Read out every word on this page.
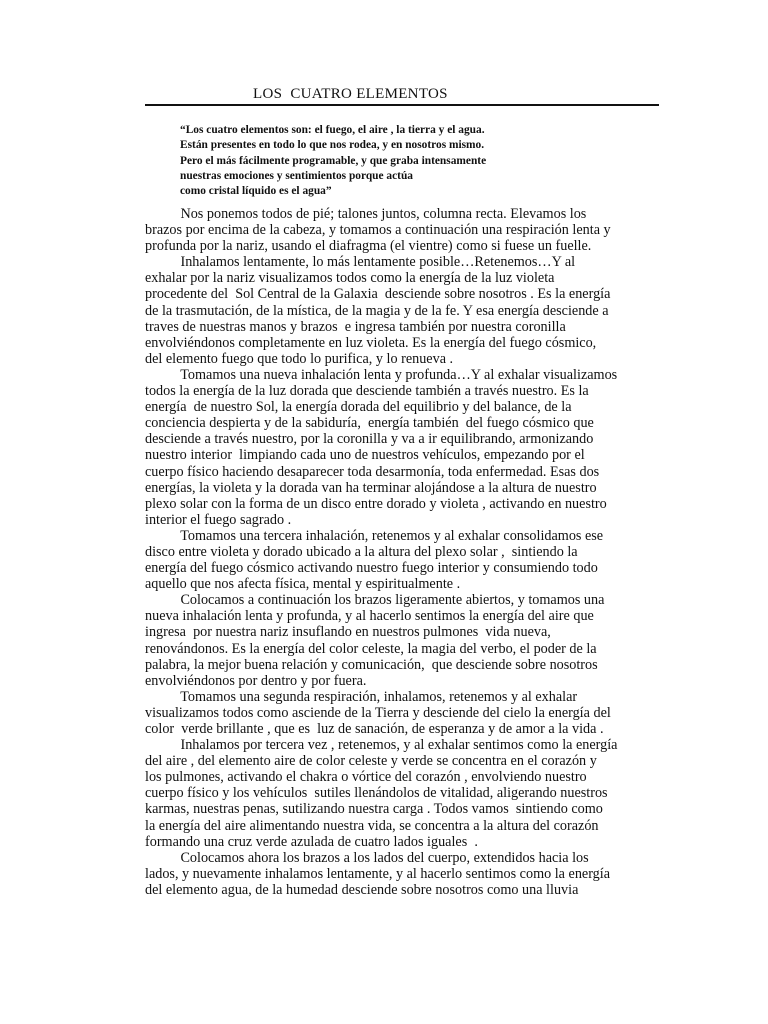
LOS  CUATRO ELEMENTOS
“Los cuatro elementos son: el fuego, el aire , la tierra y el agua.
Están presentes en todo lo que nos rodea, y en nosotros mismo.
Pero el más fácilmente programable, y que graba intensamente
nuestras emociones y sentimientos porque actúa
como cristal líquido es el agua”
Nos ponemos todos de pié; talones juntos, columna recta. Elevamos los
brazos por encima de la cabeza, y tomamos a continuación una respiración lenta y
profunda por la nariz, usando el diafragma (el vientre) como si fuese un fuelle.
Inhalamos lentamente, lo más lentamente posible…Retenemos…Y al
exhalar por la nariz visualizamos todos como la energía de la luz violeta
procedente del  Sol Central de la Galaxia  desciende sobre nosotros . Es la energía
de la trasmutación, de la mística, de la magia y de la fe. Y esa energía desciende a
traves de nuestras manos y brazos  e ingresa también por nuestra coronilla
envolviéndonos completamente en luz violeta. Es la energía del fuego cósmico,
del elemento fuego que todo lo purifica, y lo renueva .
Tomamos una nueva inhalación lenta y profunda…Y al exhalar visualizamos
todos la energía de la luz dorada que desciende también a través nuestro. Es la
energía  de nuestro Sol, la energía dorada del equilibrio y del balance, de la
conciencia despierta y de la sabiduría,  energía también  del fuego cósmico que
desciende a través nuestro, por la coronilla y va a ir equilibrando, armonizando
nuestro interior  limpiando cada uno de nuestros vehículos, empezando por el
cuerpo físico haciendo desaparecer toda desarmonía, toda enfermedad. Esas dos
energías, la violeta y la dorada van ha terminar alojándose a la altura de nuestro
plexo solar con la forma de un disco entre dorado y violeta , activando en nuestro
interior el fuego sagrado .
Tomamos una tercera inhalación, retenemos y al exhalar consolidamos ese
disco entre violeta y dorado ubicado a la altura del plexo solar ,  sintiendo la
energía del fuego cósmico activando nuestro fuego interior y consumiendo todo
aquello que nos afecta física, mental y espiritualmente .
Colocamos a continuación los brazos ligeramente abiertos, y tomamos una
nueva inhalación lenta y profunda, y al hacerlo sentimos la energía del aire que
ingresa  por nuestra nariz insuflando en nuestros pulmones  vida nueva,
renovándonos. Es la energía del color celeste, la magia del verbo, el poder de la
palabra, la mejor buena relación y comunicación,  que desciende sobre nosotros
envolviéndonos por dentro y por fuera.
Tomamos una segunda respiración, inhalamos, retenemos y al exhalar
visualizamos todos como asciende de la Tierra y desciende del cielo la energía del
color  verde brillante , que es  luz de sanación, de esperanza y de amor a la vida .
Inhalamos por tercera vez , retenemos, y al exhalar sentimos como la energía
del aire , del elemento aire de color celeste y verde se concentra en el corazón y
los pulmones, activando el chakra o vórtice del corazón , envolviendo nuestro
cuerpo físico y los vehículos  sutiles llenándolos de vitalidad, aligerando nuestros
karmas, nuestras penas, sutilizando nuestra carga . Todos vamos  sintiendo como
la energía del aire alimentando nuestra vida, se concentra a la altura del corazón
formando una cruz verde azulada de cuatro lados iguales  .
Colocamos ahora los brazos a los lados del cuerpo, extendidos hacia los
lados, y nuevamente inhalamos lentamente, y al hacerlo sentimos como la energía
del elemento agua, de la humedad desciende sobre nosotros como una lluvia
